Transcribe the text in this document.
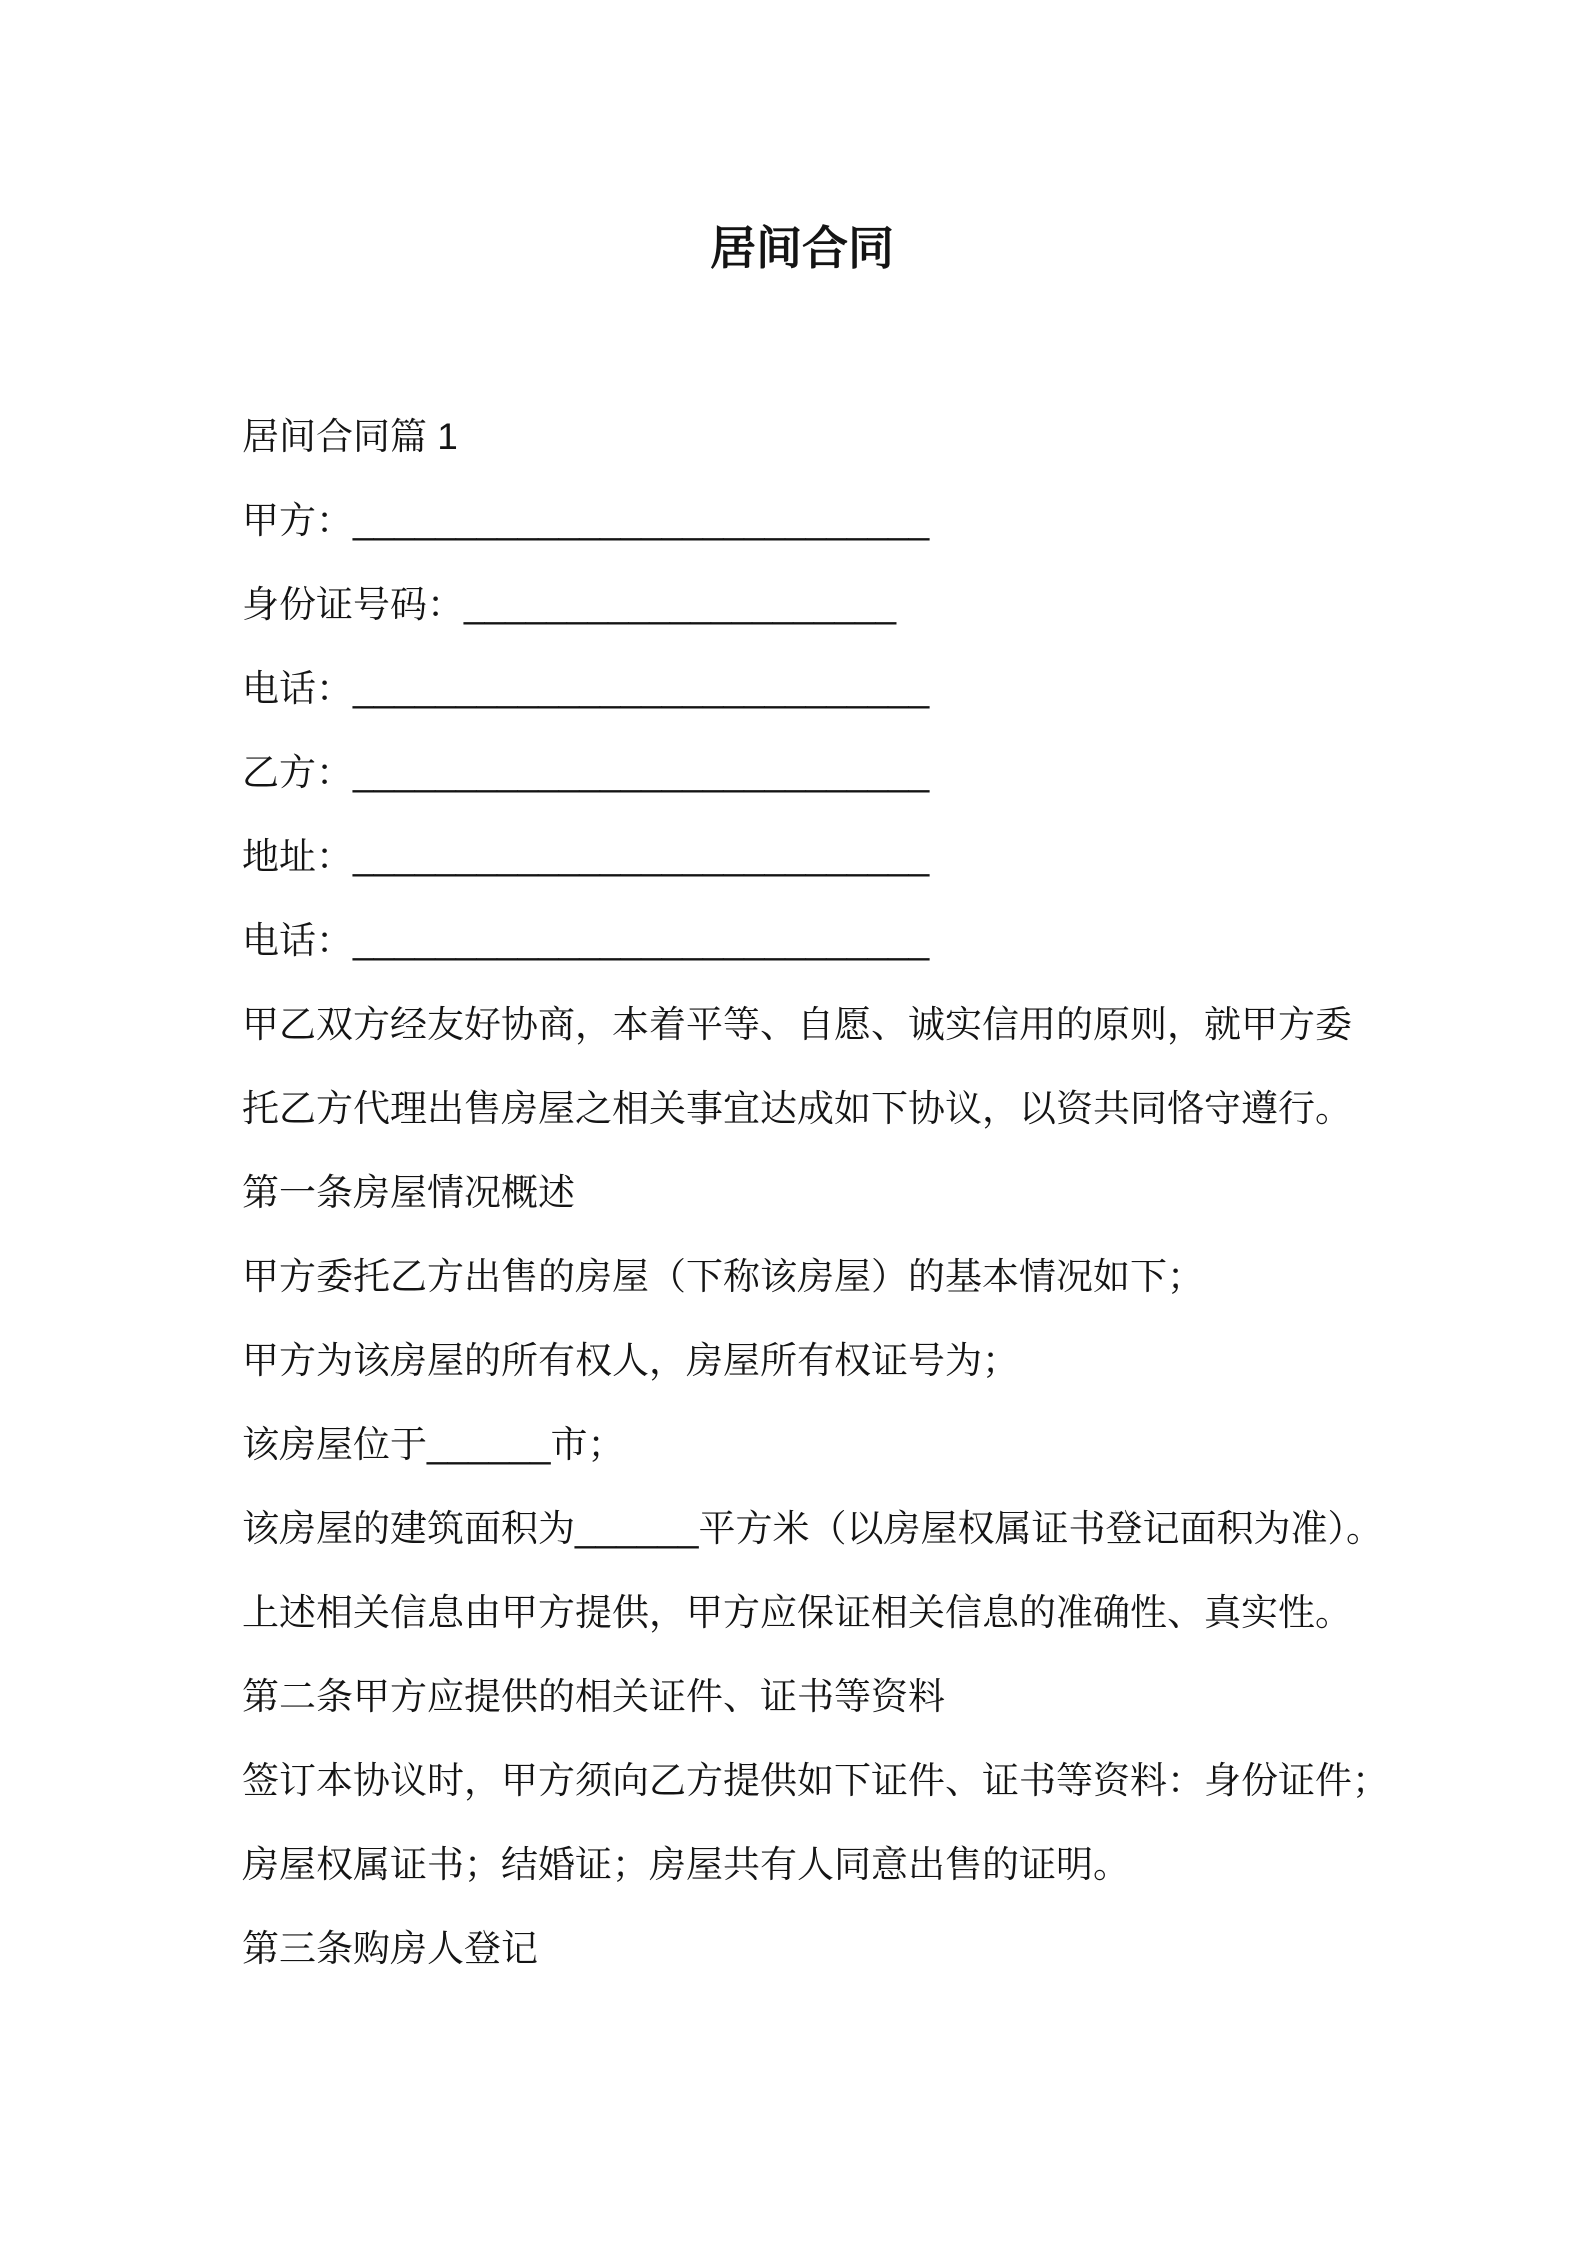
居间合同
居间合同篇 1
甲方：____________________________
身份证号码：_____________________
电话：____________________________
乙方：____________________________
地址：____________________________
电话：____________________________
甲乙双方经友好协商，本着平等、自愿、诚实信用的原则，就甲方委
托乙方代理出售房屋之相关事宜达成如下协议，以资共同恪守遵行。
第一条房屋情况概述
甲方委托乙方出售的房屋（下称该房屋）的基本情况如下；
甲方为该房屋的所有权人，房屋所有权证号为；
该房屋位于______市；
该房屋的建筑面积为______平方米（以房屋权属证书登记面积为准）。
上述相关信息由甲方提供，甲方应保证相关信息的准确性、真实性。
第二条甲方应提供的相关证件、证书等资料
签订本协议时，甲方须向乙方提供如下证件、证书等资料：身份证件；
房屋权属证书；结婚证；房屋共有人同意出售的证明。
第三条购房人登记
